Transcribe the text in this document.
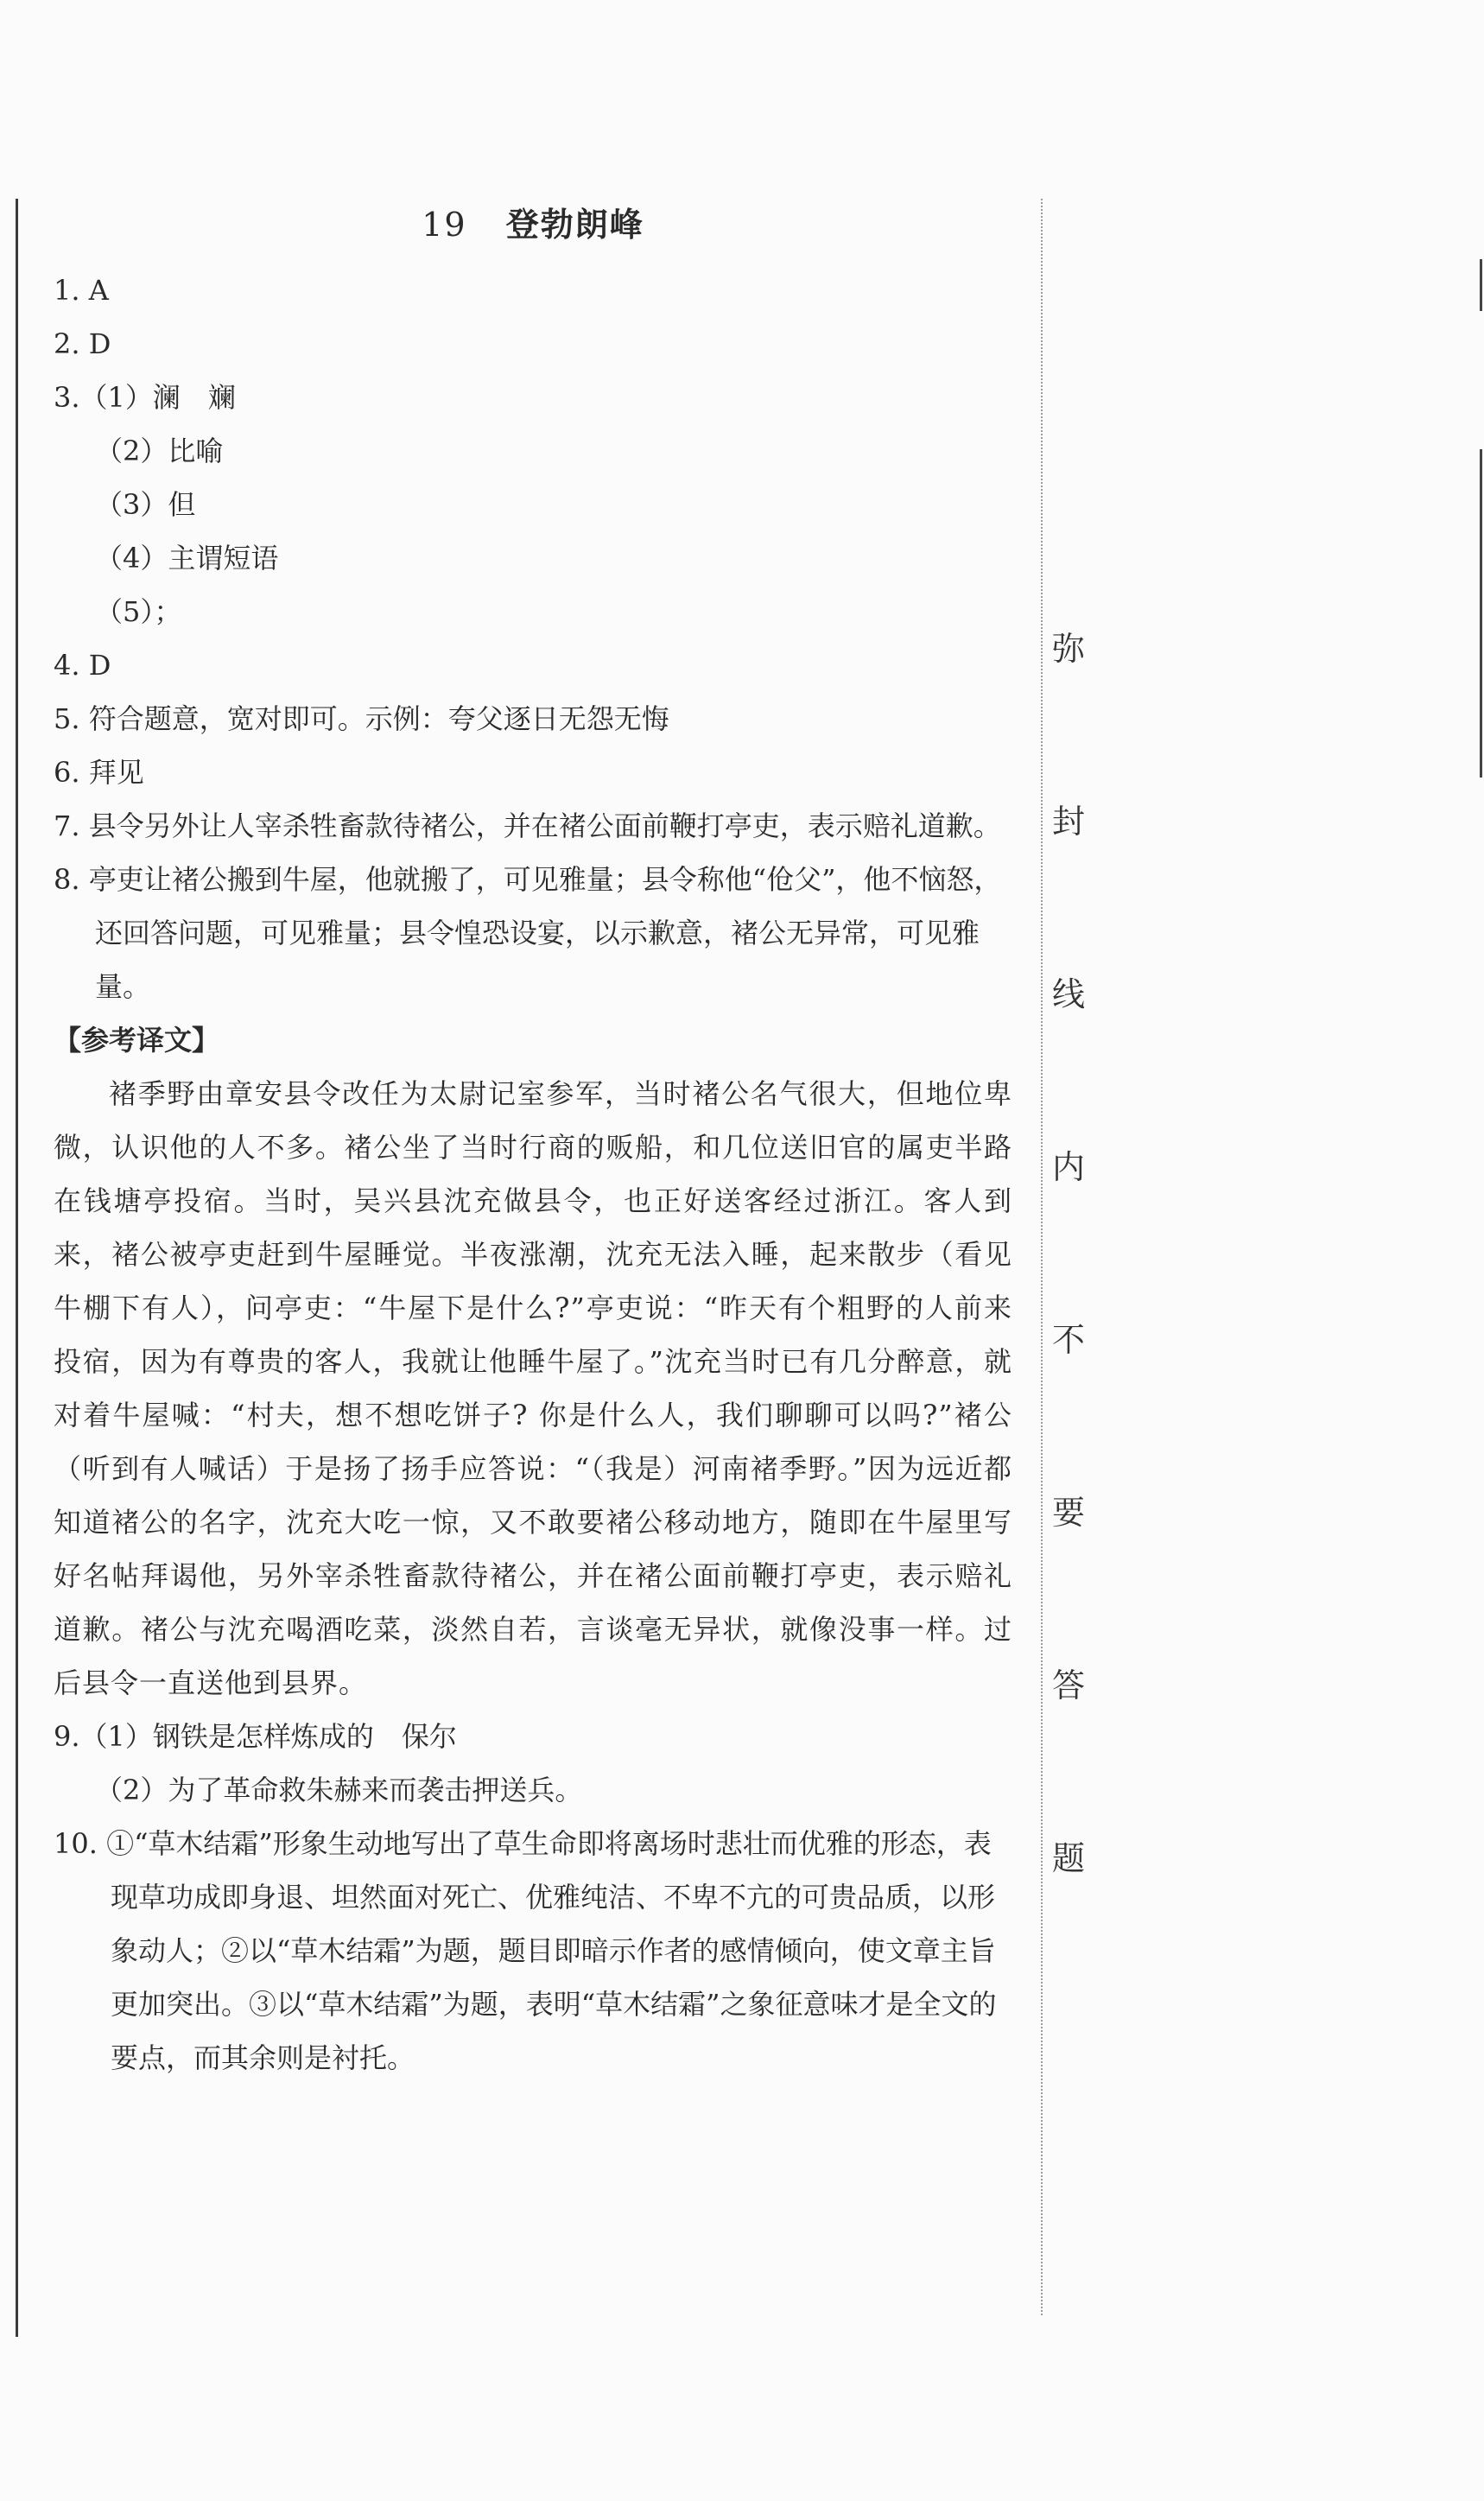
弥
封
线
内
不
要
答
题
19 登勃朗峰
1. A
2. D
3.（1）澜　斓
（2）比喻
（3）但
（4）主谓短语
（5）；
4. D
5. 符合题意，宽对即可。示例：夸父逐日无怨无悔
6. 拜见
7. 县令另外让人宰杀牲畜款待褚公，并在褚公面前鞭打亭吏，表示赔礼道歉。
8. 亭吏让褚公搬到牛屋，他就搬了，可见雅量；县令称他“伧父”，他不恼怒，还回答问题，可见雅量；县令惶恐设宴，以示歉意，褚公无异常，可见雅量。
【参考译文】
褚季野由章安县令改任为太尉记室参军，当时褚公名气很大，但地位卑微，认识他的人不多。褚公坐了当时行商的贩船，和几位送旧官的属吏半路在钱塘亭投宿。当时，吴兴县沈充做县令，也正好送客经过浙江。客人到来，褚公被亭吏赶到牛屋睡觉。半夜涨潮，沈充无法入睡，起来散步（看见牛棚下有人），问亭吏：“牛屋下是什么?”亭吏说：“昨天有个粗野的人前来投宿，因为有尊贵的客人，我就让他睡牛屋了。”沈充当时已有几分醉意，就对着牛屋喊：“村夫，想不想吃饼子? 你是什么人，我们聊聊可以吗?”褚公（听到有人喊话）于是扬了扬手应答说：“（我是）河南褚季野。”因为远近都知道褚公的名字，沈充大吃一惊，又不敢要褚公移动地方，随即在牛屋里写好名帖拜谒他，另外宰杀牲畜款待褚公，并在褚公面前鞭打亭吏，表示赔礼道歉。褚公与沈充喝酒吃菜，淡然自若，言谈毫无异状，就像没事一样。过后县令一直送他到县界。
9.（1）钢铁是怎样炼成的　保尔
（2）为了革命救朱赫来而袭击押送兵。
10. ①“草木结霜”形象生动地写出了草生命即将离场时悲壮而优雅的形态，表现草功成即身退、坦然面对死亡、优雅纯洁、不卑不亢的可贵品质，以形象动人；②以“草木结霜”为题，题目即暗示作者的感情倾向，使文章主旨更加突出。③以“草木结霜”为题，表明“草木结霜”之象征意味才是全文的要点，而其余则是衬托。
